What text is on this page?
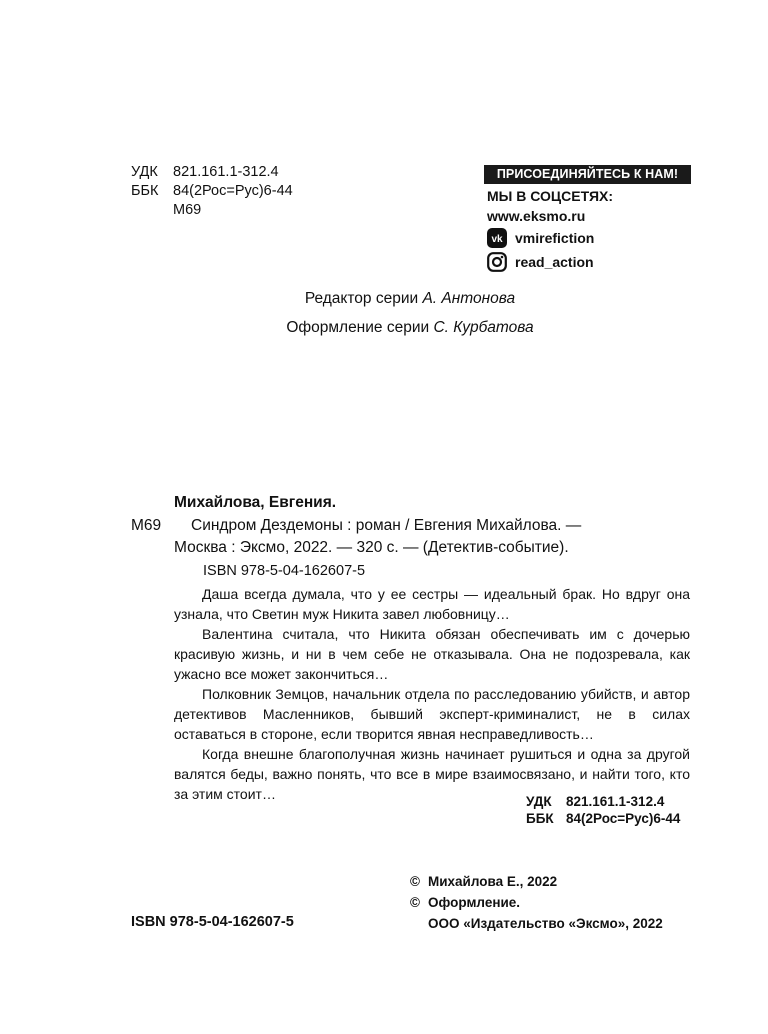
УДК 821.161.1-312.4
ББК 84(2Рос=Рус)6-44
М69
ПРИСОЕДИНЯЙТЕСЬ К НАМ!
МЫ В СОЦСЕТЯХ:
www.eksmo.ru
vk vmirefiction
read_action
Редактор серии А. Антонова
Оформление серии С. Курбатова
Михайлова, Евгения.
М69 Синдром Дездемоны : роман / Евгения Михайлова. —
Москва : Эксмо, 2022. — 320 с. — (Детектив-событие).
ISBN 978-5-04-162607-5

Даша всегда думала, что у ее сестры — идеальный брак. Но вдруг она узнала, что Светин муж Никита завел любовницу…

Валентина считала, что Никита обязан обеспечивать им с дочерью красивую жизнь, и ни в чем себе не отказывала. Она не подозревала, как ужасно все может закончиться…

Полковник Земцов, начальник отдела по расследованию убийств, и автор детективов Масленников, бывший эксперт-криминалист, не в силах оставаться в стороне, если творится явная несправедливость…

Когда внешне благополучная жизнь начинает рушиться и одна за другой валятся беды, важно понять, что все в мире взаимосвязано, и найти того, кто за этим стоит…	УДК 821.161.1-312.4
ББК 84(2Рос=Рус)6-44
© Михайлова Е., 2022
© Оформление.
ООО «Издательство «Эксмо», 2022
ISBN 978-5-04-162607-5
